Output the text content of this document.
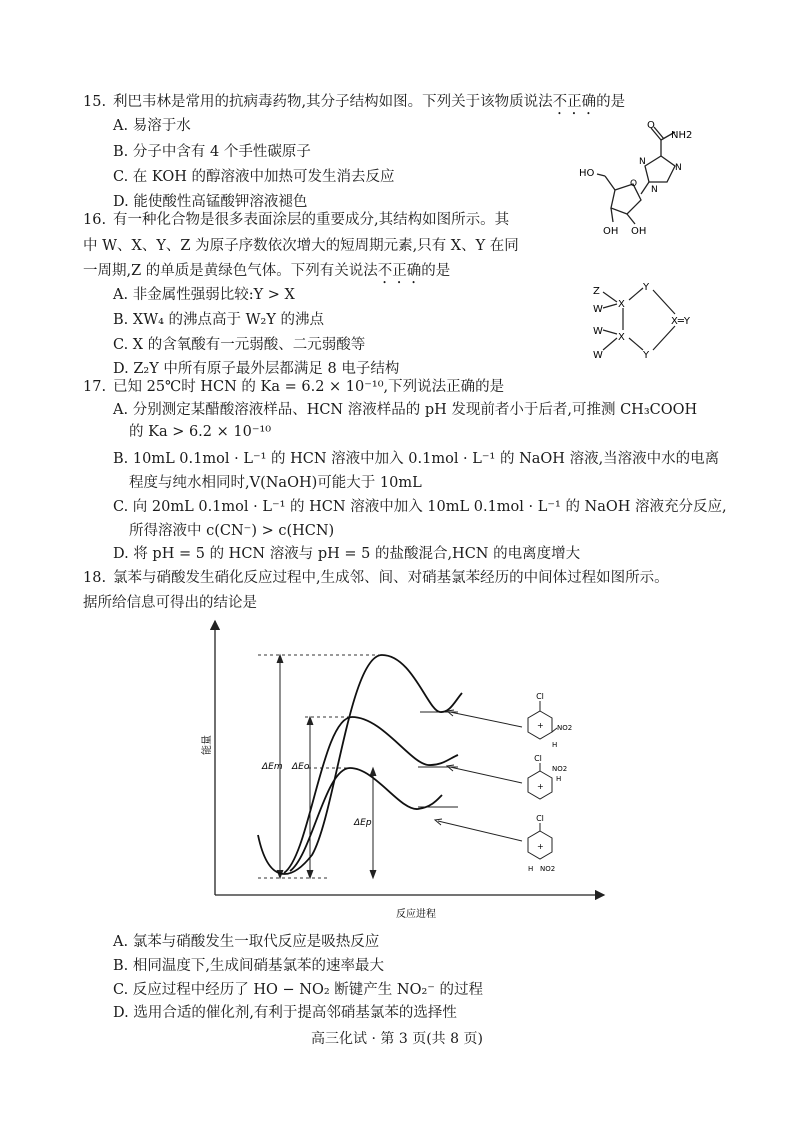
15. 利巴韦林是常用的抗病毒药物,其分子结构如图。下列关于该物质说法不正确的是
A. 易溶于水
B. 分子中含有 4 个手性碳原子
C. 在 KOH 的醇溶液中加热可发生消去反应
D. 能使酸性高锰酸钾溶液褪色
NH2
O
N
N
N
O
HO
OH OH
16. 有一种化合物是很多表面涂层的重要成分,其结构如图所示。其
中 W、X、Y、Z 为原子序数依次增大的短周期元素,只有 X、Y 在同
一周期,Z 的单质是黄绿色气体。下列有关说法不正确的是
A. 非金属性强弱比较:Y > X
B. XW₄ 的沸点高于 W₂Y 的沸点
C. X 的含氧酸有一元弱酸、二元弱酸等
D. Z₂Y 中所有原子最外层都满足 8 电子结构
Z
W
W
W
X
X
Y
Y
X═Y
17. 已知 25℃时 HCN 的 Ka = 6.2 × 10⁻¹⁰,下列说法正确的是
A. 分别测定某醋酸溶液样品、HCN 溶液样品的 pH 发现前者小于后者,可推测 CH₃COOH
的 Ka > 6.2 × 10⁻¹⁰
B. 10mL 0.1mol · L⁻¹ 的 HCN 溶液中加入 0.1mol · L⁻¹ 的 NaOH 溶液,当溶液中水的电离
程度与纯水相同时,V(NaOH)可能大于 10mL
C. 向 20mL 0.1mol · L⁻¹ 的 HCN 溶液中加入 10mL 0.1mol · L⁻¹ 的 NaOH 溶液充分反应,
所得溶液中 c(CN⁻) > c(HCN)
D. 将 pH = 5 的 HCN 溶液与 pH = 5 的盐酸混合,HCN 的电离度增大
18. 氯苯与硝酸发生硝化反应过程中,生成邻、间、对硝基氯苯经历的中间体过程如图所示。
据所给信息可得出的结论是
能量
反应进程
ΔEm ΔEo
ΔEp
Cl
+ NO2
H
Cl
+
NO2
H
Cl
+
H NO2
A. 氯苯与硝酸发生一取代反应是吸热反应
B. 相同温度下,生成间硝基氯苯的速率最大
C. 反应过程中经历了 HO − NO₂ 断键产生 NO₂⁻ 的过程
D. 选用合适的催化剂,有利于提高邻硝基氯苯的选择性
高三化试 · 第 3 页(共 8 页)
